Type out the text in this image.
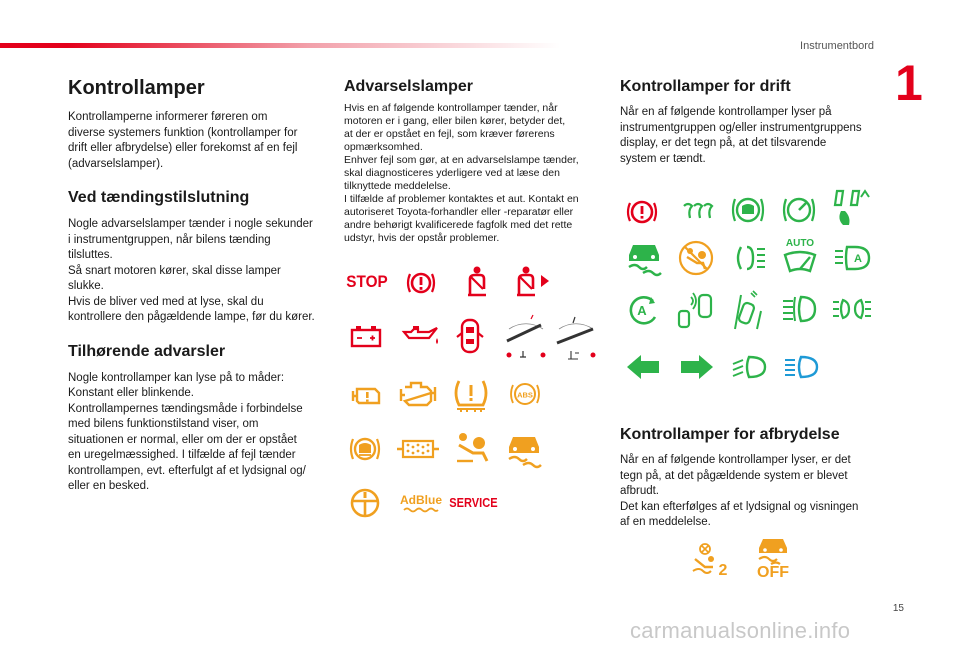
Instrumentbord
1
Kontrollamper

Kontrollamperne informerer føreren om
diverse systemers funktion (kontrollamper for
drift eller afbrydelse) eller forekomst af en fejl
(advarselslamper).

Ved tændingstilslutning

Nogle advarselslamper tænder i nogle sekunder
i instrumentgruppen, når bilens tænding
tilsluttes.
Så snart motoren kører, skal disse lamper
slukke.
Hvis de bliver ved med at lyse, skal du
kontrollere den pågældende lampe, før du kører.

Tilhørende advarsler

Nogle kontrollamper kan lyse på to måder:
Konstant eller blinkende.
Kontrollampernes tændingsmåde i forbindelse
med bilens funktionstilstand viser, om
situationen er normal, eller om der er opstået
en uregelmæssighed. I tilfælde af fejl tænder
kontrollampen, evt. efterfulgt af et lydsignal og/
eller en besked.

Advarselslamper

Hvis en af følgende kontrollamper tænder, når
motoren er i gang, eller bilen kører, betyder det,
at der er opstået en fejl, som kræver førerens
opmærksomhed.
Enhver fejl som gør, at en advarselslampe tænder,
skal diagnosticeres yderligere ved at læse den
tilknyttede meddelelse.
I tilfælde af problemer kontaktes et aut. Kontakt en
autoriseret Toyota-forhandler eller -reparatør eller
andre behørigt kvalificerede fagfolk med det rette
udstyr, hvis der opstår problemer.

STOP
ABS
AdBlue SERVICE
Kontrollamper for drift

Når en af følgende kontrollamper lyser på
instrumentgruppen og/eller instrumentgruppens
display, er det tegn på, at det tilsvarende
system er tændt.

AUTO
A
A
Kontrollamper for afbrydelse

Når en af følgende kontrollamper lyser, er det
tegn på, at det pågældende system er blevet
afbrudt.
Det kan efterfølges af et lydsignal og visningen
af en meddelelse.

2 OFF
15
carmanualsonline.info
